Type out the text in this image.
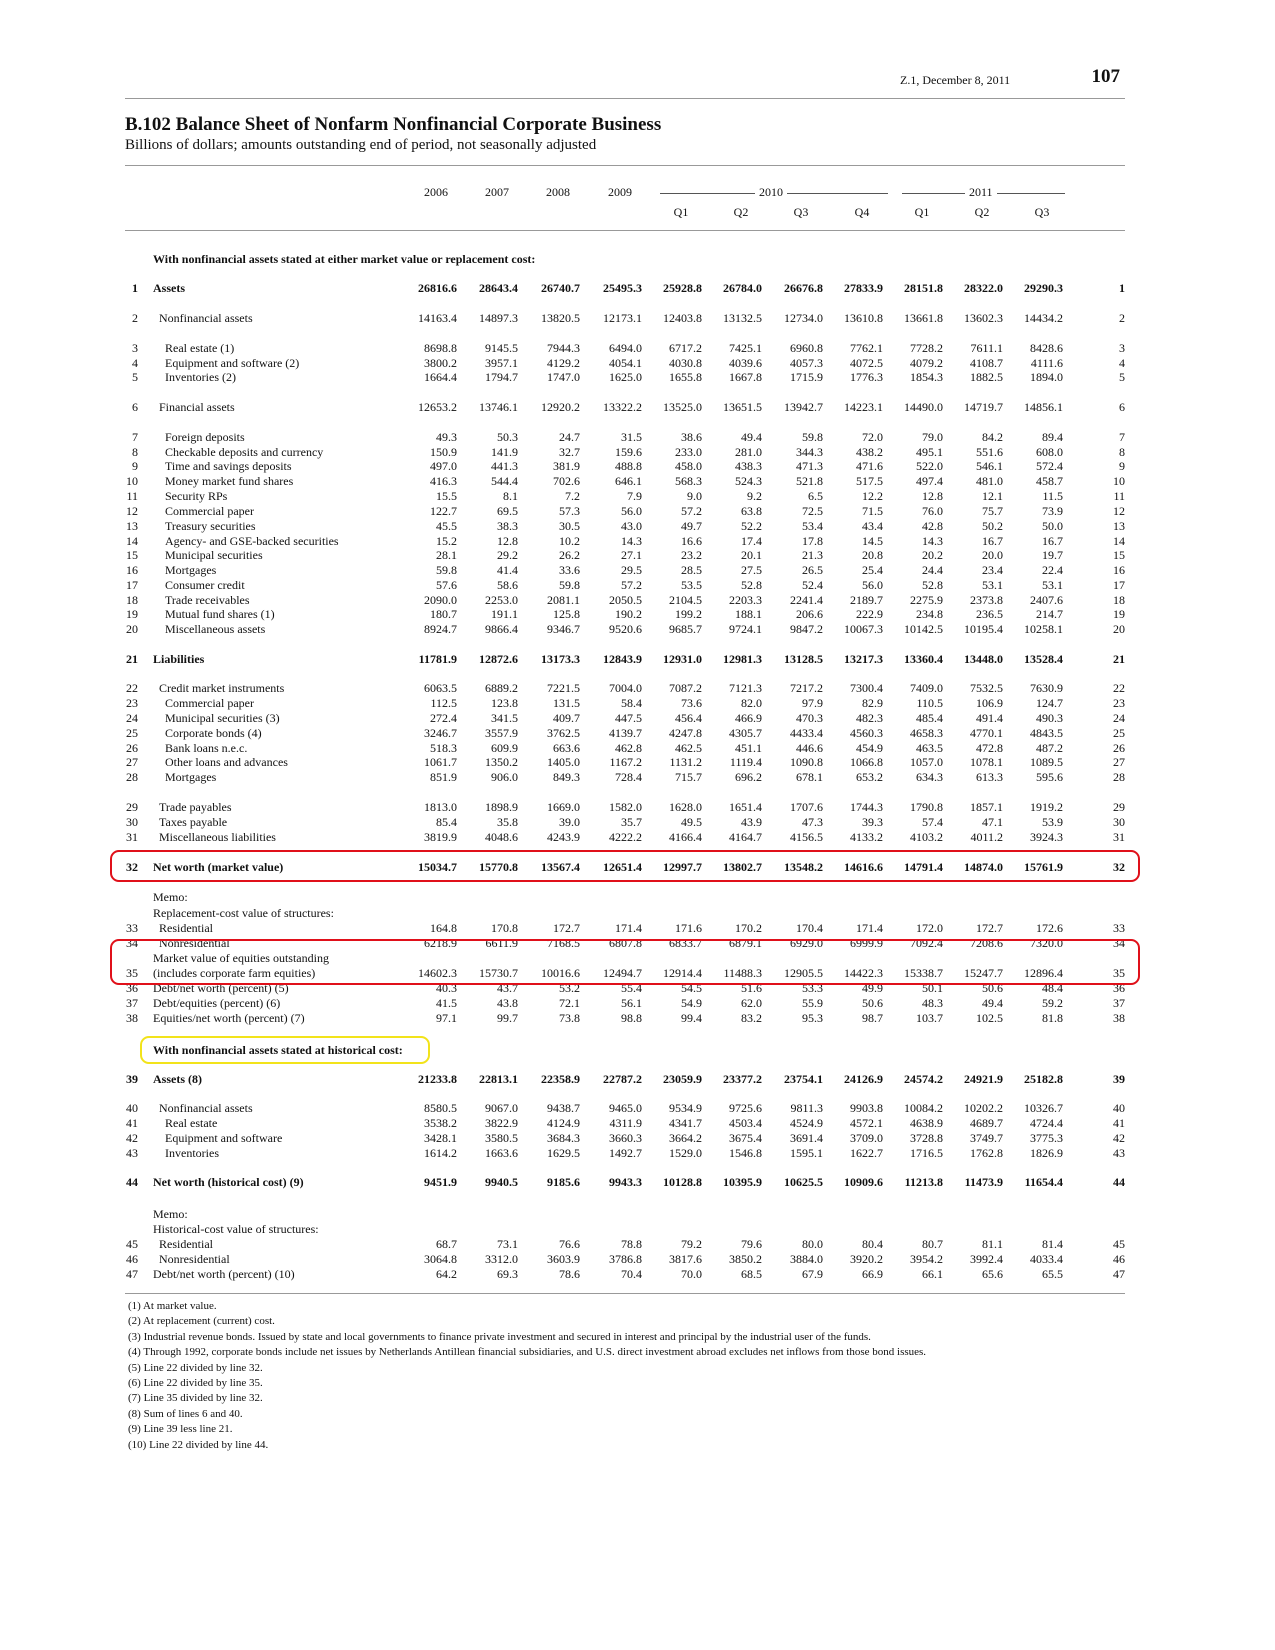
Z.1, December 8, 2011	107
B.102 Balance Sheet of Nonfarm Nonfinancial Corporate Business
Billions of dollars; amounts outstanding end of period, not seasonally adjusted
2006	2007	2008	2009	2010	2011
Q1	Q2	Q3	Q4	Q1	Q2	Q3
With nonfinancial assets stated at either market value or replacement cost:
Memo:
Replacement-cost value of structures:
Market value of equities outstanding
With nonfinancial assets stated at historical cost:
Memo:
Historical-cost value of structures:
1 Assets	26816.6	28643.4	26740.7	25495.3	25928.8	26784.0	26676.8	27833.9	28151.8	28322.0	29290.3	1
2 Nonfinancial assets	14163.4	14897.3	13820.5	12173.1	12403.8	13132.5	12734.0	13610.8	13661.8	13602.3	14434.2	2
3 Real estate (1)	8698.8	9145.5	7944.3	6494.0	6717.2	7425.1	6960.8	7762.1	7728.2	7611.1	8428.6	3
4 Equipment and software (2)	3800.2	3957.1	4129.2	4054.1	4030.8	4039.6	4057.3	4072.5	4079.2	4108.7	4111.6	4
5 Inventories (2)	1664.4	1794.7	1747.0	1625.0	1655.8	1667.8	1715.9	1776.3	1854.3	1882.5	1894.0	5
6 Financial assets	12653.2	13746.1	12920.2	13322.2	13525.0	13651.5	13942.7	14223.1	14490.0	14719.7	14856.1	6
7 Foreign deposits	49.3	50.3	24.7	31.5	38.6	49.4	59.8	72.0	79.0	84.2	89.4	7
8 Checkable deposits and currency	150.9	141.9	32.7	159.6	233.0	281.0	344.3	438.2	495.1	551.6	608.0	8
9 Time and savings deposits	497.0	441.3	381.9	488.8	458.0	438.3	471.3	471.6	522.0	546.1	572.4	9
10 Money market fund shares	416.3	544.4	702.6	646.1	568.3	524.3	521.8	517.5	497.4	481.0	458.7	10
11 Security RPs	15.5	8.1	7.2	7.9	9.0	9.2	6.5	12.2	12.8	12.1	11.5	11
12 Commercial paper	122.7	69.5	57.3	56.0	57.2	63.8	72.5	71.5	76.0	75.7	73.9	12
13 Treasury securities	45.5	38.3	30.5	43.0	49.7	52.2	53.4	43.4	42.8	50.2	50.0	13
14 Agency- and GSE-backed securities	15.2	12.8	10.2	14.3	16.6	17.4	17.8	14.5	14.3	16.7	16.7	14
15 Municipal securities	28.1	29.2	26.2	27.1	23.2	20.1	21.3	20.8	20.2	20.0	19.7	15
16 Mortgages	59.8	41.4	33.6	29.5	28.5	27.5	26.5	25.4	24.4	23.4	22.4	16
17 Consumer credit	57.6	58.6	59.8	57.2	53.5	52.8	52.4	56.0	52.8	53.1	53.1	17
18 Trade receivables	2090.0	2253.0	2081.1	2050.5	2104.5	2203.3	2241.4	2189.7	2275.9	2373.8	2407.6	18
19 Mutual fund shares (1)	180.7	191.1	125.8	190.2	199.2	188.1	206.6	222.9	234.8	236.5	214.7	19
20 Miscellaneous assets	8924.7	9866.4	9346.7	9520.6	9685.7	9724.1	9847.2	10067.3	10142.5	10195.4	10258.1	20
21 Liabilities	11781.9	12872.6	13173.3	12843.9	12931.0	12981.3	13128.5	13217.3	13360.4	13448.0	13528.4	21
22 Credit market instruments	6063.5	6889.2	7221.5	7004.0	7087.2	7121.3	7217.2	7300.4	7409.0	7532.5	7630.9	22
23 Commercial paper	112.5	123.8	131.5	58.4	73.6	82.0	97.9	82.9	110.5	106.9	124.7	23
24 Municipal securities (3)	272.4	341.5	409.7	447.5	456.4	466.9	470.3	482.3	485.4	491.4	490.3	24
25 Corporate bonds (4)	3246.7	3557.9	3762.5	4139.7	4247.8	4305.7	4433.4	4560.3	4658.3	4770.1	4843.5	25
26 Bank loans n.e.c.	518.3	609.9	663.6	462.8	462.5	451.1	446.6	454.9	463.5	472.8	487.2	26
27 Other loans and advances	1061.7	1350.2	1405.0	1167.2	1131.2	1119.4	1090.8	1066.8	1057.0	1078.1	1089.5	27
28 Mortgages	851.9	906.0	849.3	728.4	715.7	696.2	678.1	653.2	634.3	613.3	595.6	28
29 Trade payables	1813.0	1898.9	1669.0	1582.0	1628.0	1651.4	1707.6	1744.3	1790.8	1857.1	1919.2	29
30 Taxes payable	85.4	35.8	39.0	35.7	49.5	43.9	47.3	39.3	57.4	47.1	53.9	30
31 Miscellaneous liabilities	3819.9	4048.6	4243.9	4222.2	4166.4	4164.7	4156.5	4133.2	4103.2	4011.2	3924.3	31
32 Net worth (market value)	15034.7	15770.8	13567.4	12651.4	12997.7	13802.7	13548.2	14616.6	14791.4	14874.0	15761.9	32
33 Residential	164.8	170.8	172.7	171.4	171.6	170.2	170.4	171.4	172.0	172.7	172.6	33
34 Nonresidential	6218.9	6611.9	7168.5	6807.8	6833.7	6879.1	6929.0	6999.9	7092.4	7208.6	7320.0	34
35 (includes corporate farm equities)	14602.3	15730.7	10016.6	12494.7	12914.4	11488.3	12905.5	14422.3	15338.7	15247.7	12896.4	35
36 Debt/net worth (percent) (5)	40.3	43.7	53.2	55.4	54.5	51.6	53.3	49.9	50.1	50.6	48.4	36
37 Debt/equities (percent) (6)	41.5	43.8	72.1	56.1	54.9	62.0	55.9	50.6	48.3	49.4	59.2	37
38 Equities/net worth (percent) (7)	97.1	99.7	73.8	98.8	99.4	83.2	95.3	98.7	103.7	102.5	81.8	38
39 Assets (8)	21233.8	22813.1	22358.9	22787.2	23059.9	23377.2	23754.1	24126.9	24574.2	24921.9	25182.8	39
40 Nonfinancial assets	8580.5	9067.0	9438.7	9465.0	9534.9	9725.6	9811.3	9903.8	10084.2	10202.2	10326.7	40
41 Real estate	3538.2	3822.9	4124.9	4311.9	4341.7	4503.4	4524.9	4572.1	4638.9	4689.7	4724.4	41
42 Equipment and software	3428.1	3580.5	3684.3	3660.3	3664.2	3675.4	3691.4	3709.0	3728.8	3749.7	3775.3	42
43 Inventories	1614.2	1663.6	1629.5	1492.7	1529.0	1546.8	1595.1	1622.7	1716.5	1762.8	1826.9	43
44 Net worth (historical cost) (9)	9451.9	9940.5	9185.6	9943.3	10128.8	10395.9	10625.5	10909.6	11213.8	11473.9	11654.4	44
45 Residential	68.7	73.1	76.6	78.8	79.2	79.6	80.0	80.4	80.7	81.1	81.4	45
46 Nonresidential	3064.8	3312.0	3603.9	3786.8	3817.6	3850.2	3884.0	3920.2	3954.2	3992.4	4033.4	46
47 Debt/net worth (percent) (10)	64.2	69.3	78.6	70.4	70.0	68.5	67.9	66.9	66.1	65.6	65.5	47
(1) At market value.
(2) At replacement (current) cost.
(3) Industrial revenue bonds. Issued by state and local governments to finance private investment and secured in interest and principal by the industrial user of the funds.
(4) Through 1992, corporate bonds include net issues by Netherlands Antillean financial subsidiaries, and U.S. direct investment abroad excludes net inflows from those bond issues.
(5) Line 22 divided by line 32.
(6) Line 22 divided by line 35.
(7) Line 35 divided by line 32.
(8) Sum of lines 6 and 40.
(9) Line 39 less line 21.
(10) Line 22 divided by line 44.
